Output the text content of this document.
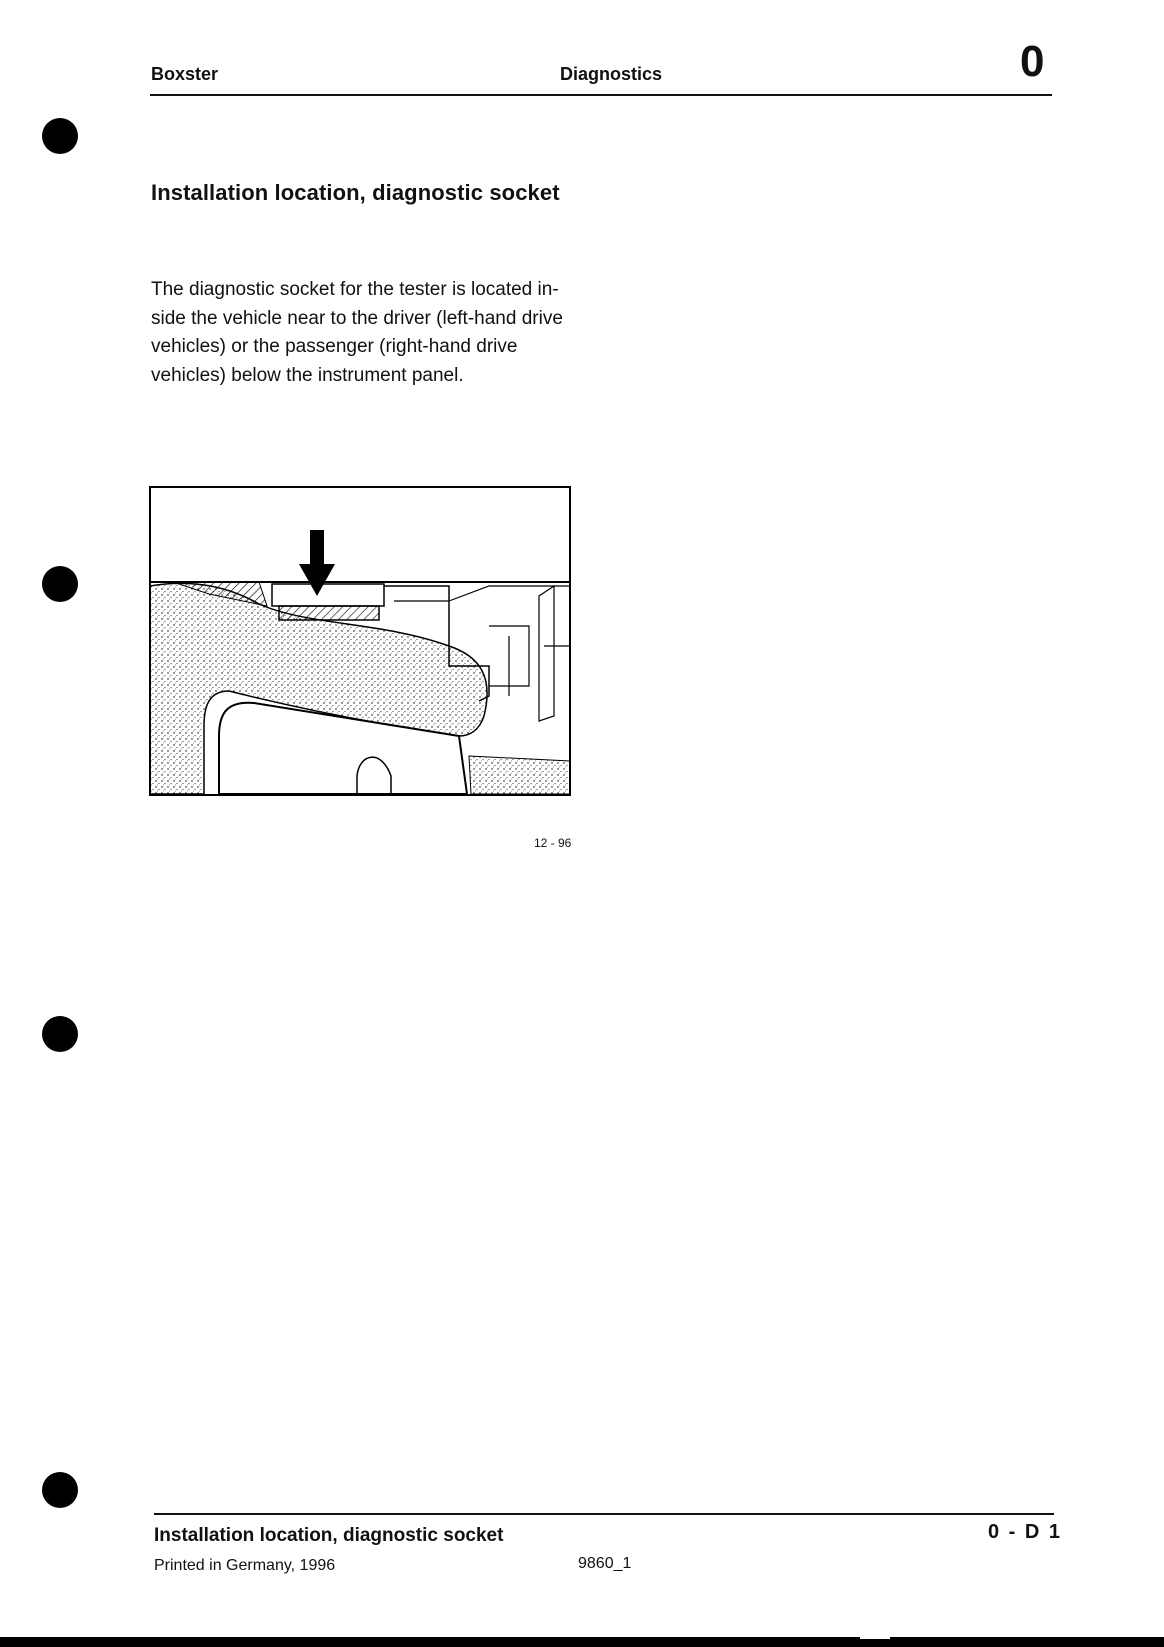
Boxster	Diagnostics	0
Installation location, diagnostic socket
The diagnostic socket for the tester is located in-side the vehicle near to the driver (left-hand drive vehicles) or the passenger (right-hand drive vehicles) below the instrument panel.
12 - 96
Installation location, diagnostic socket	0 - D 1
Printed in Germany, 1996	9860_1
